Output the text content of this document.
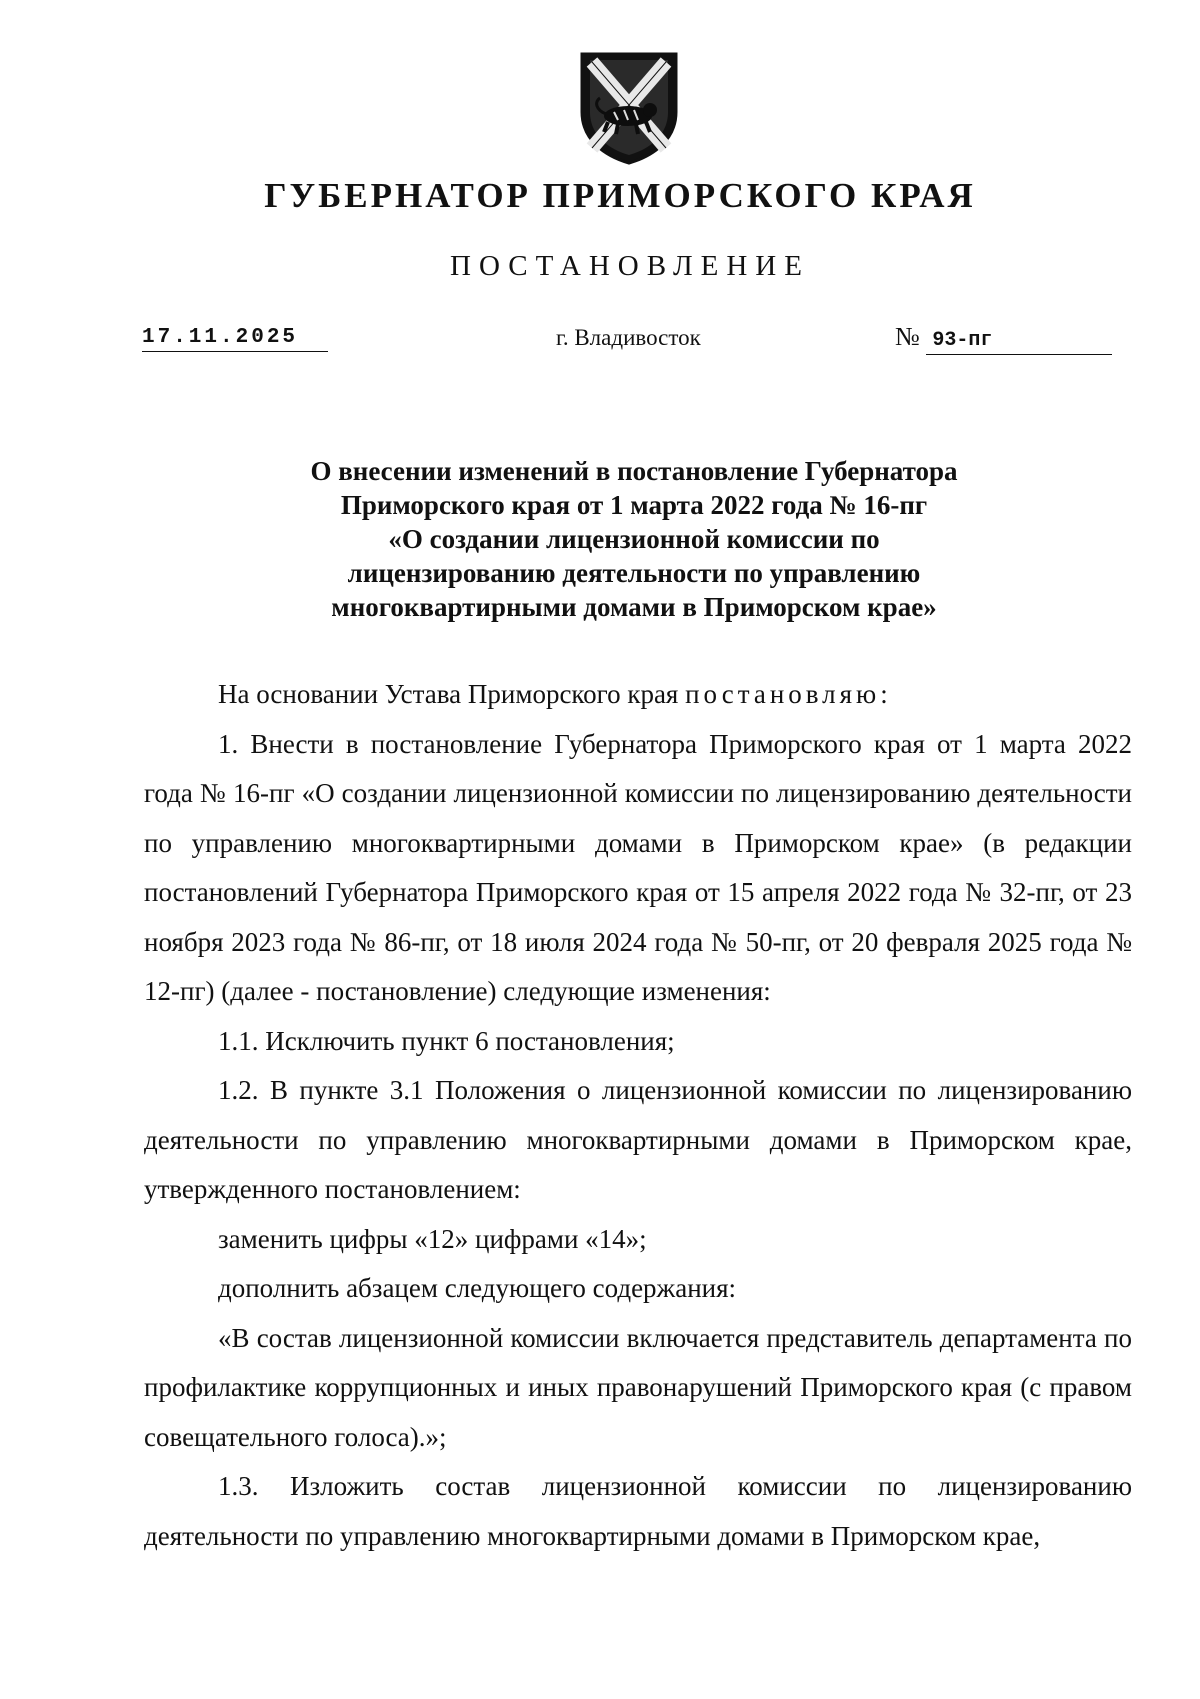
ГУБЕРНАТОР ПРИМОРСКОГО КРАЯ
ПОСТАНОВЛЕНИЕ
17.11.2025	г. Владивосток	№ 93-пг
О внесении изменений в постановление Губернатора
Приморского края от 1 марта 2022 года № 16-пг
«О создании лицензионной комиссии по
лицензированию деятельности по управлению
многоквартирными домами в Приморском крае»

На основании Устава Приморского края постановляю:

1. Внести в постановление Губернатора Приморского края от 1 марта 2022 года № 16-пг «О создании лицензионной комиссии по лицензированию деятельности по управлению многоквартирными домами в Приморском крае» (в редакции постановлений Губернатора Приморского края от 15 апреля 2022 года № 32-пг, от 23 ноября 2023 года № 86-пг, от 18 июля 2024 года № 50-пг, от 20 февраля 2025 года № 12-пг) (далее - постановление) следующие изменения:

1.1. Исключить пункт 6 постановления;

1.2. В пункте 3.1 Положения о лицензионной комиссии по лицензированию деятельности по управлению многоквартирными домами в Приморском крае, утвержденного постановлением:

заменить цифры «12» цифрами «14»;

дополнить абзацем следующего содержания:

«В состав лицензионной комиссии включается представитель департамента по профилактике коррупционных и иных правонарушений Приморского края (с правом совещательного голоса).»;

1.3. Изложить состав лицензионной комиссии по лицензированию деятельности по управлению многоквартирными домами в Приморском крае,
